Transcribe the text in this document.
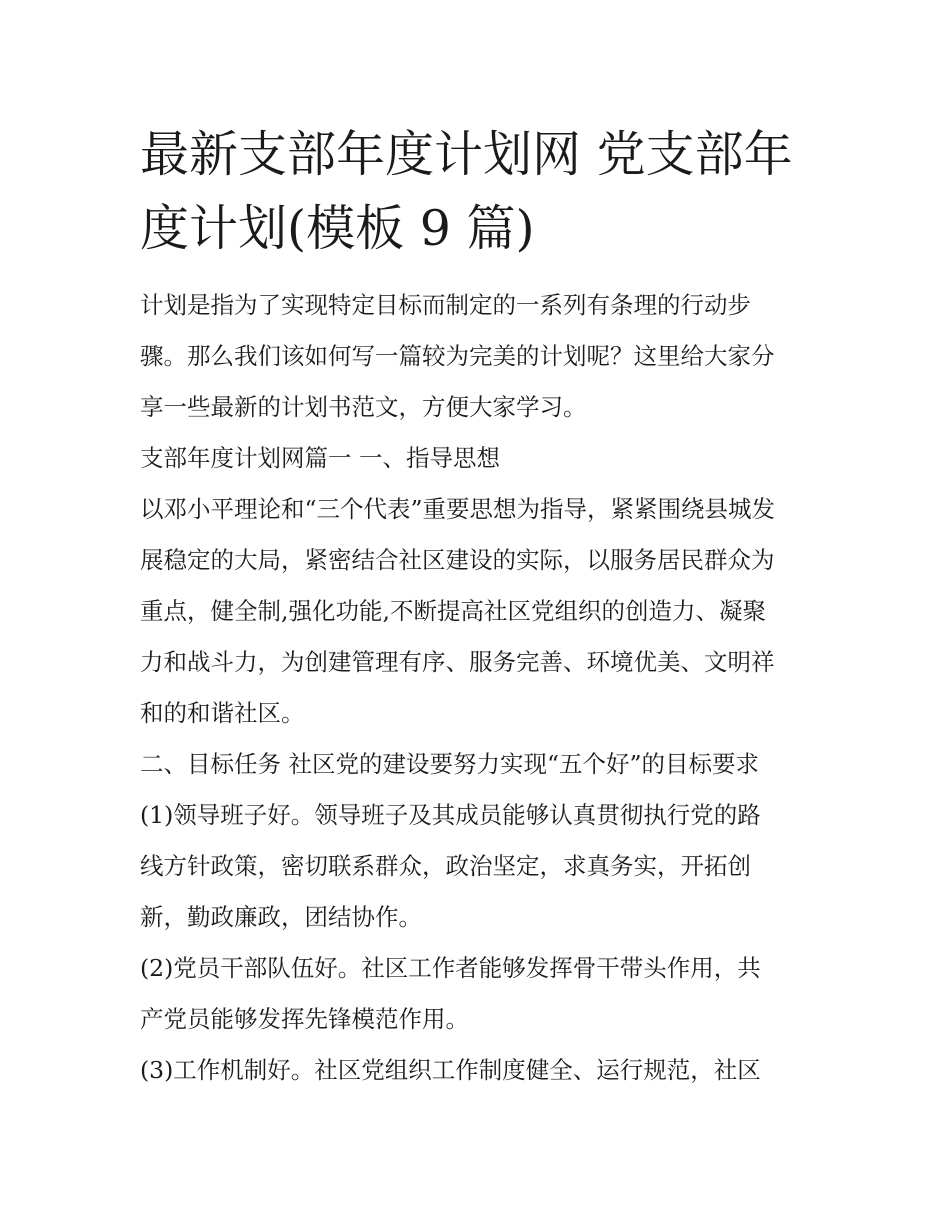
最新支部年度计划网 党支部年
度计划(模板 9 篇)

计划是指为了实现特定目标而制定的一系列有条理的行动步
骤。那么我们该如何写一篇较为完美的计划呢？这里给大家分
享一些最新的计划书范文，方便大家学习。

支部年度计划网篇一 一、指导思想

以邓小平理论和“三个代表”重要思想为指导，紧紧围绕县城发
展稳定的大局，紧密结合社区建设的实际，以服务居民群众为
重点，健全制,强化功能,不断提高社区党组织的创造力、凝聚
力和战斗力，为创建管理有序、服务完善、环境优美、文明祥
和的和谐社区。

二、目标任务 社区党的建设要努力实现“五个好”的目标要求

(1)领导班子好。领导班子及其成员能够认真贯彻执行党的路
线方针政策，密切联系群众，政治坚定，求真务实，开拓创
新，勤政廉政，团结协作。

(2)党员干部队伍好。社区工作者能够发挥骨干带头作用，共
产党员能够发挥先锋模范作用。

(3)工作机制好。社区党组织工作制度健全、运行规范，社区
